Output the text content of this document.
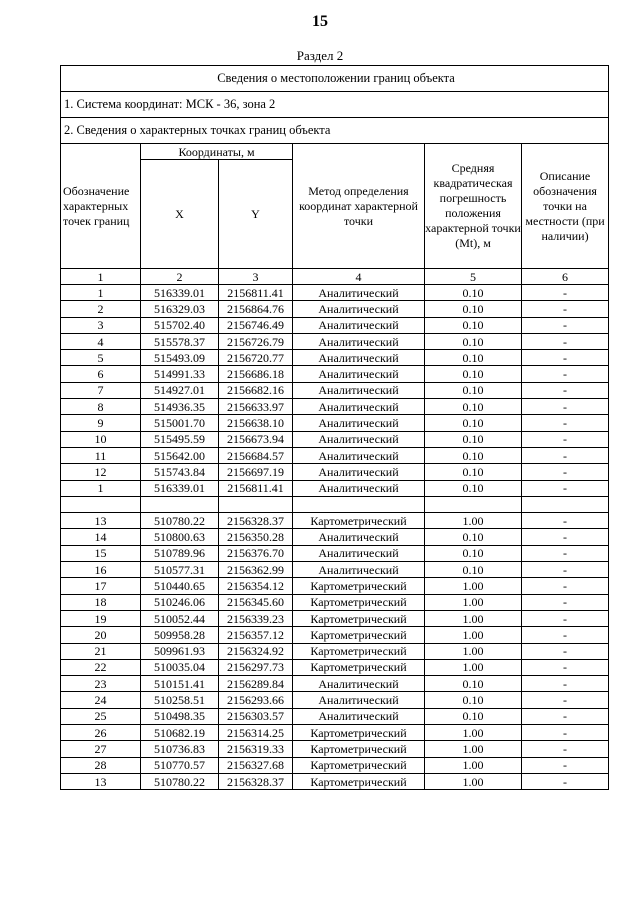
15
Раздел 2
Сведения о местоположении границ объекта					
1. Система координат: МСК - 36, зона 2					
2. Сведения о характерных точках границ объекта					
Обозначение характерных точек границ	Координаты, м		Метод определения координат характерной точки	Средняя квадратическая погрешность положения характерной точки (Mt), м	Описание обозначения точки на местности (при наличии)
	X	Y			
1	2	3	4	5	6
1	516339.01	2156811.41	Аналитический	0.10	-
2	516329.03	2156864.76	Аналитический	0.10	-
3	515702.40	2156746.49	Аналитический	0.10	-
4	515578.37	2156726.79	Аналитический	0.10	-
5	515493.09	2156720.77	Аналитический	0.10	-
6	514991.33	2156686.18	Аналитический	0.10	-
7	514927.01	2156682.16	Аналитический	0.10	-
8	514936.35	2156633.97	Аналитический	0.10	-
9	515001.70	2156638.10	Аналитический	0.10	-
10	515495.59	2156673.94	Аналитический	0.10	-
11	515642.00	2156684.57	Аналитический	0.10	-
12	515743.84	2156697.19	Аналитический	0.10	-
1	516339.01	2156811.41	Аналитический	0.10	-

13	510780.22	2156328.37	Картометрический	1.00	-
14	510800.63	2156350.28	Аналитический	0.10	-
15	510789.96	2156376.70	Аналитический	0.10	-
16	510577.31	2156362.99	Аналитический	0.10	-
17	510440.65	2156354.12	Картометрический	1.00	-
18	510246.06	2156345.60	Картометрический	1.00	-
19	510052.44	2156339.23	Картометрический	1.00	-
20	509958.28	2156357.12	Картометрический	1.00	-
21	509961.93	2156324.92	Картометрический	1.00	-
22	510035.04	2156297.73	Картометрический	1.00	-
23	510151.41	2156289.84	Аналитический	0.10	-
24	510258.51	2156293.66	Аналитический	0.10	-
25	510498.35	2156303.57	Аналитический	0.10	-
26	510682.19	2156314.25	Картометрический	1.00	-
27	510736.83	2156319.33	Картометрический	1.00	-
28	510770.57	2156327.68	Картометрический	1.00	-
13	510780.22	2156328.37	Картометрический	1.00	-
